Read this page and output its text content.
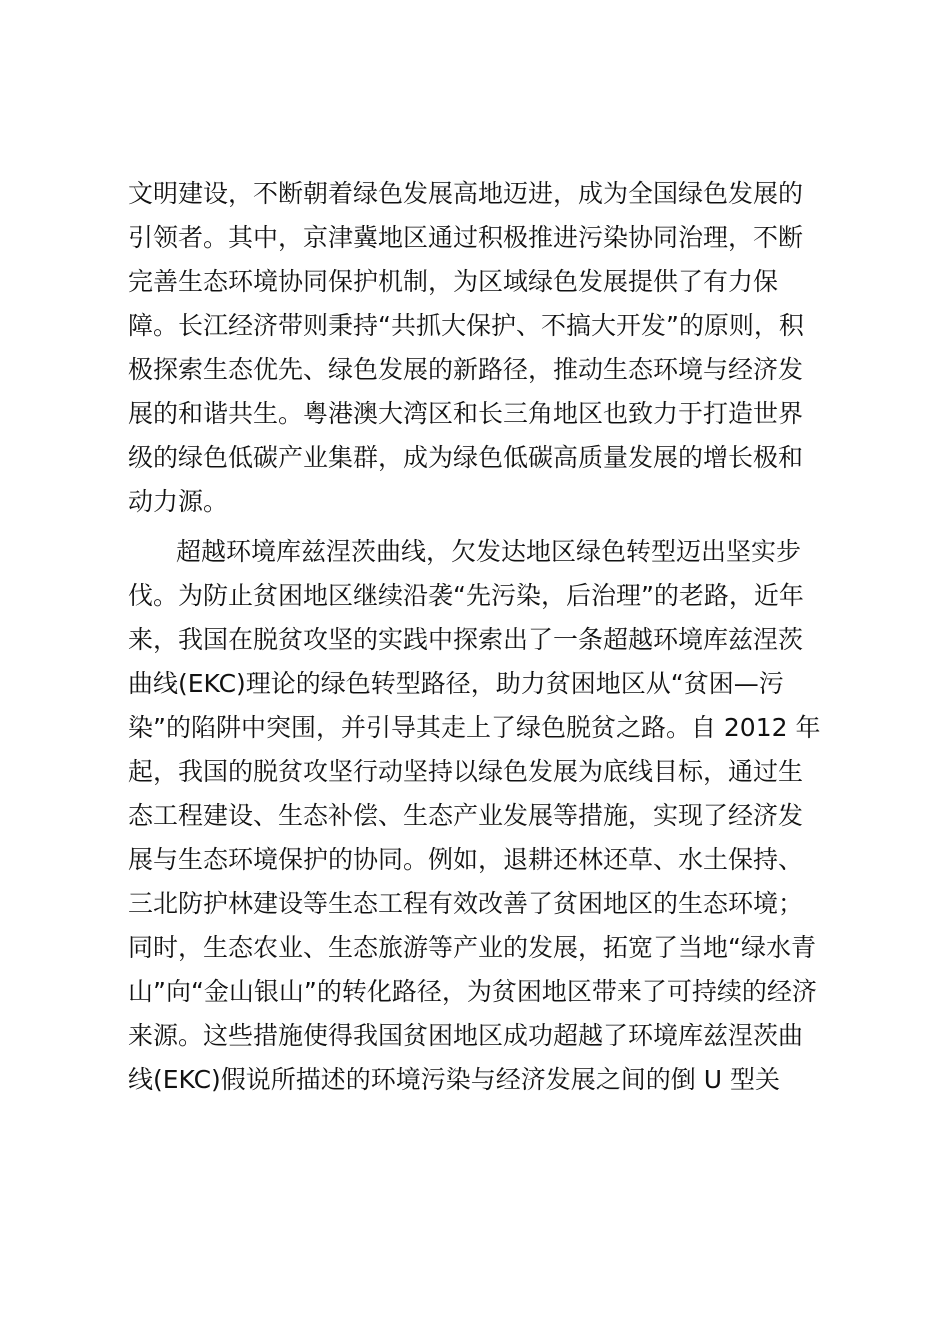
文明建设，不断朝着绿色发展高地迈进，成为全国绿色发展的
引领者。其中，京津冀地区通过积极推进污染协同治理，不断
完善生态环境协同保护机制，为区域绿色发展提供了有力保
障。长江经济带则秉持“共抓大保护、不搞大开发”的原则，积
极探索生态优先、绿色发展的新路径，推动生态环境与经济发
展的和谐共生。粤港澳大湾区和长三角地区也致力于打造世界
级的绿色低碳产业集群，成为绿色低碳高质量发展的增长极和
动力源。
超越环境库兹涅茨曲线，欠发达地区绿色转型迈出坚实步
伐。为防止贫困地区继续沿袭“先污染，后治理”的老路，近年
来，我国在脱贫攻坚的实践中探索出了一条超越环境库兹涅茨
曲线(EKC)理论的绿色转型路径，助力贫困地区从“贫困—污
染”的陷阱中突围，并引导其走上了绿色脱贫之路。自 2012 年
起，我国的脱贫攻坚行动坚持以绿色发展为底线目标，通过生
态工程建设、生态补偿、生态产业发展等措施，实现了经济发
展与生态环境保护的协同。例如，退耕还林还草、水土保持、
三北防护林建设等生态工程有效改善了贫困地区的生态环境；
同时，生态农业、生态旅游等产业的发展，拓宽了当地“绿水青
山”向“金山银山”的转化路径，为贫困地区带来了可持续的经济
来源。这些措施使得我国贫困地区成功超越了环境库兹涅茨曲
线(EKC)假说所描述的环境污染与经济发展之间的倒 U 型关
